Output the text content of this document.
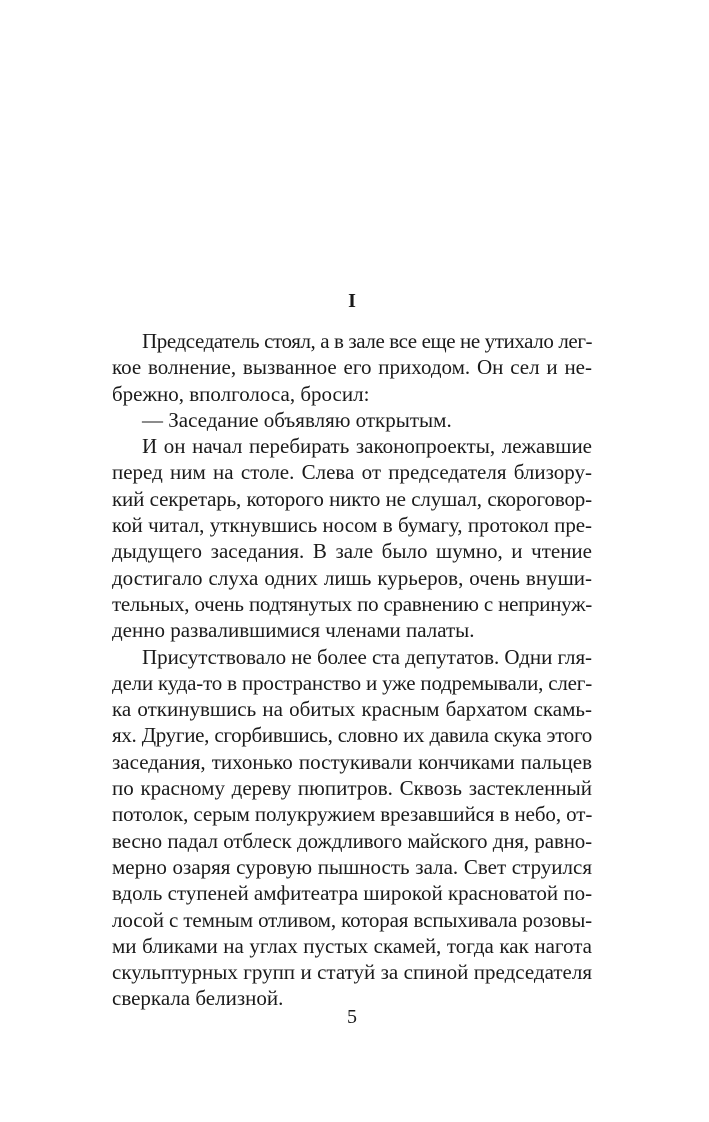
I
Председатель стоял, а в зале все еще не утихало лег-
кое волнение, вызванное его приходом. Он сел и не-
брежно, вполголоса, бросил:
— Заседание объявляю открытым.
И он начал перебирать законопроекты, лежавшие
перед ним на столе. Слева от председателя близору-
кий секретарь, которого никто не слушал, скороговор-
кой читал, уткнувшись носом в бумагу, протокол пре-
дыдущего заседания. В зале было шумно, и чтение
достигало слуха одних лишь курьеров, очень внуши-
тельных, очень подтянутых по сравнению с непринуж-
денно развалившимися членами палаты.
Присутствовало не более ста депутатов. Одни гля-
дели куда-то в пространство и уже подремывали, слег-
ка откинувшись на обитых красным бархатом скамь-
ях. Другие, сгорбившись, словно их давила скука этого
заседания, тихонько постукивали кончиками пальцев
по красному дереву пюпитров. Сквозь застекленный
потолок, серым полукружием врезавшийся в небо, от-
весно падал отблеск дождливого майского дня, равно-
мерно озаряя суровую пышность зала. Свет струился
вдоль ступеней амфитеатра широкой красноватой по-
лосой с темным отливом, которая вспыхивала розовы-
ми бликами на углах пустых скамей, тогда как нагота
скульптурных групп и статуй за спиной председателя
сверкала белизной.
5
